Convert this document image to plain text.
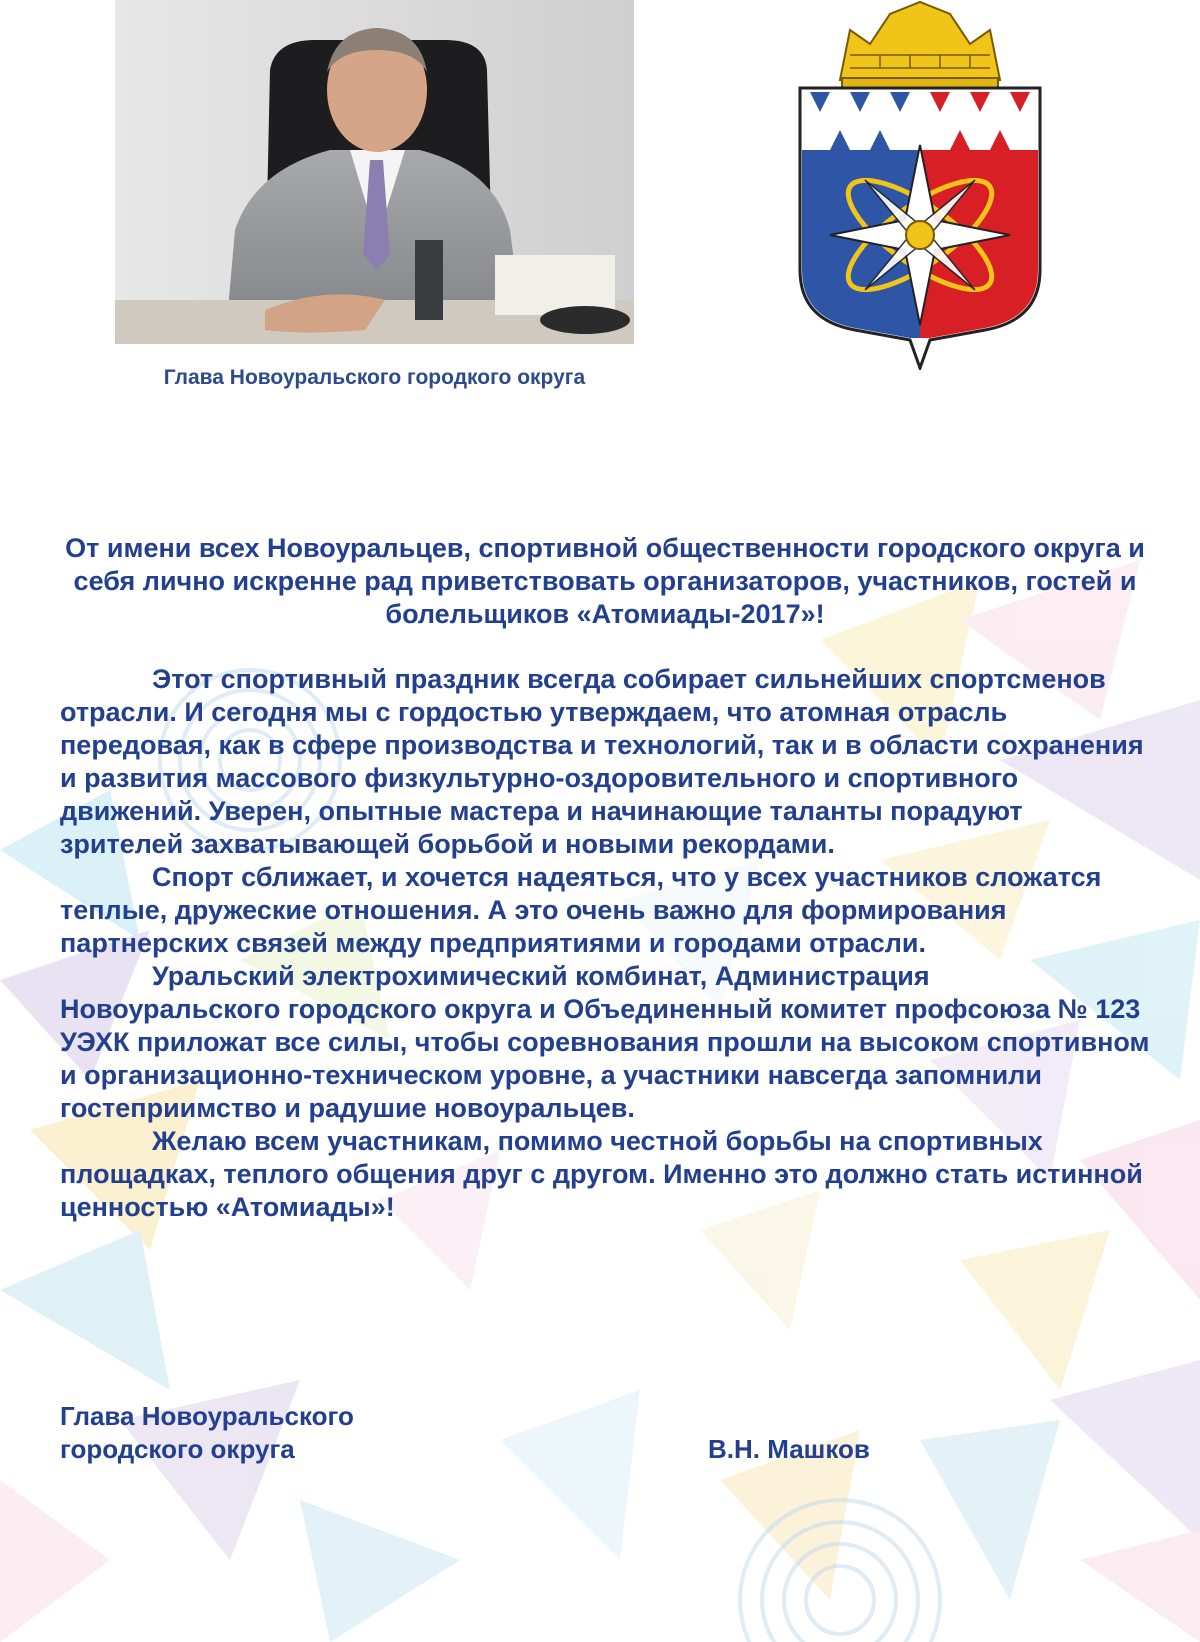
Глава Новоуральского городкого округа

От имени всех Новоуральцев, спортивной общественности городского округа и себя лично искренне рад приветствовать организаторов, участников, гостей и болельщиков «Атомиады-2017»!

Этот спортивный праздник всегда собирает сильнейших спортсменов отрасли. И сегодня мы с гордостью утверждаем, что атомная отрасль передовая, как в сфере производства и технологий, так и в области сохранения и развития массового физкультурно-оздоровительного и спортивного движений. Уверен, опытные мастера и начинающие таланты порадуют зрителей захватывающей борьбой и новыми рекордами.

Спорт сближает, и хочется надеяться, что у всех участников сложатся теплые, дружеские отношения. А это очень важно для формирования партнерских связей между предприятиями и городами отрасли.

Уральский электрохимический комбинат, Администрация Новоуральского городского округа и Объединенный комитет профсоюза № 123 УЭХК приложат все силы, чтобы соревнования прошли на высоком спортивном и организационно-техническом уровне, а участники навсегда запомнили гостеприимство и радушие новоуральцев.

Желаю всем участникам, помимо честной борьбы на спортивных площадках, теплого общения друг с другом. Именно это должно стать истинной ценностью «Атомиады»!

Глава Новоуральского
городского округа	В.Н. Машков
